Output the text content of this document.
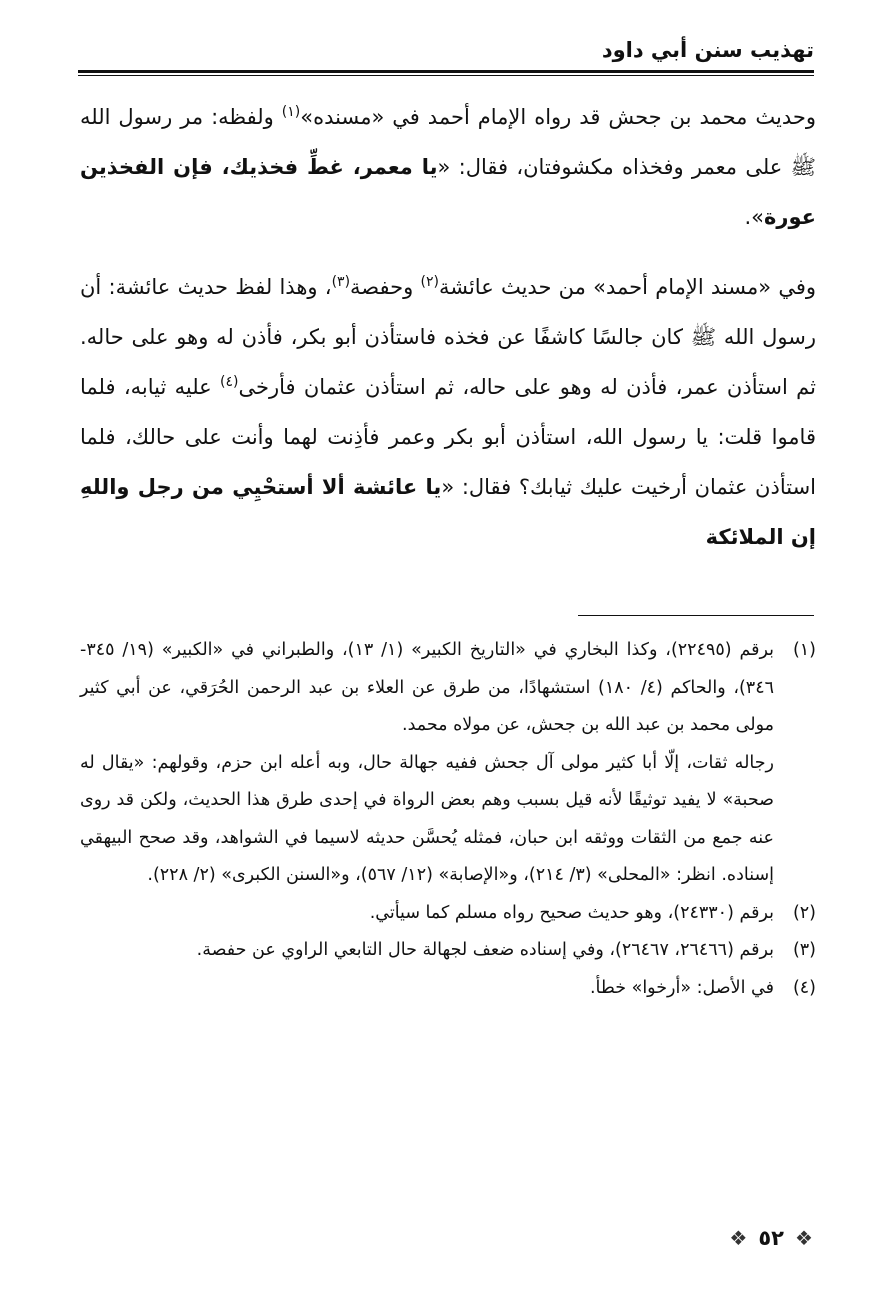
تهذيب سنن أبي داود

وحديث محمد بن جحش قد رواه الإمام أحمد في «مسنده»$^{(١)}$ ولفظه: مر رسول الله ﷺ على معمر وفخذاه مكشوفتان، فقال: «يا معمر، غطِّ فخذيك، فإن الفخذين عورة».

وفي «مسند الإمام أحمد» من حديث عائشة$^{(٢)}$ وحفصة$^{(٣)}$، وهذا لفظ حديث عائشة: أن رسول الله ﷺ كان جالسًا كاشفًا عن فخذه فاستأذن أبو بكر، فأذن له وهو على حاله. ثم استأذن عمر، فأذن له وهو على حاله، ثم استأذن عثمان فأرخى$^{(٤)}$ عليه ثيابه، فلما قاموا قلت: يا رسول الله، استأذن أبو بكر وعمر فأذِنت لهما وأنت على حالك، فلما استأذن عثمان أرخيت عليك ثيابك؟ فقال: «يا عائشة ألا أستحْيِي من رجل واللهِ إن الملائكة

(١)

برقم (٢٢٤٩٥)، وكذا البخاري في «التاريخ الكبير» (١/ ١٣)، والطبراني في «الكبير» (١٩/ ٣٤٥- ٣٤٦)، والحاكم (٤/ ١٨٠) استشهادًا، من طرق عن العلاء بن عبد الرحمن الحُرَقي، عن أبي كثير مولى محمد بن عبد الله بن جحش، عن مولاه محمد.

رجاله ثقات، إلّا أبا كثير مولى آل جحش ففيه جهالة حال، وبه أعله ابن حزم، وقولهم: «يقال له صحبة» لا يفيد توثيقًا لأنه قيل بسبب وهم بعض الرواة في إحدى طرق هذا الحديث، ولكن قد روى عنه جمع من الثقات ووثقه ابن حبان، فمثله يُحسَّن حديثه لاسيما في الشواهد، وقد صحح البيهقي إسناده. انظر: «المحلى» (٣/ ٢١٤)، و«الإصابة» (١٢/ ٥٦٧)، و«السنن الكبرى» (٢/ ٢٢٨).

(٢)

برقم (٢٤٣٣٠)، وهو حديث صحيح رواه مسلم كما سيأتي.

(٣)

برقم (٢٦٤٦٦، ٢٦٤٦٧)، وفي إسناده ضعف لجهالة حال التابعي الراوي عن حفصة.

(٤)

في الأصل: «أرخوا» خطأ.

❖
٥٢
❖
